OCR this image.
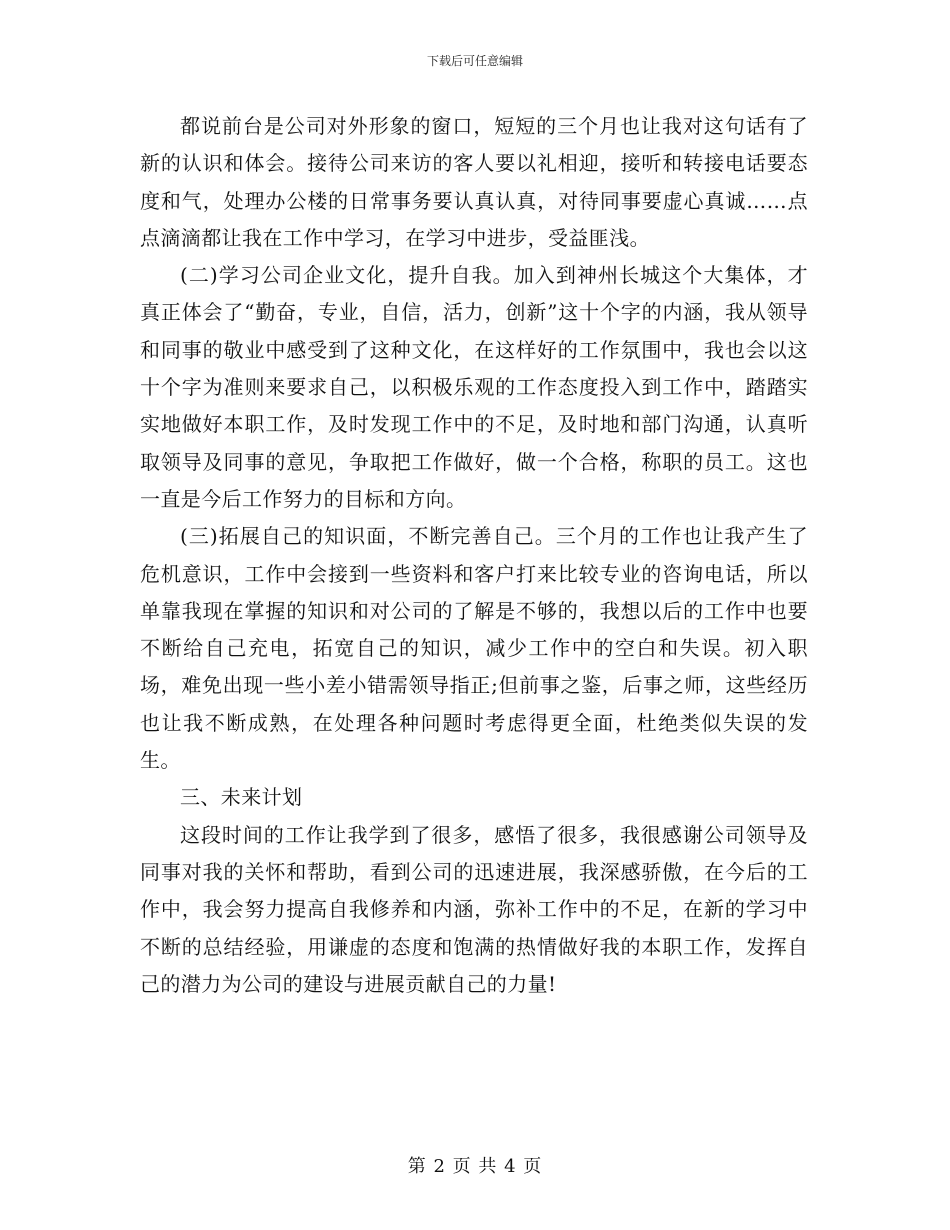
下载后可任意编辑

都说前台是公司对外形象的窗口，短短的三个月也让我对这句话有了新的认识和体会。接待公司来访的客人要以礼相迎，接听和转接电话要态度和气，处理办公楼的日常事务要认真认真，对待同事要虚心真诚……点点滴滴都让我在工作中学习，在学习中进步，受益匪浅。

(二)学习公司企业文化，提升自我。加入到神州长城这个大集体，才真正体会了“勤奋，专业，自信，活力，创新”这十个字的内涵，我从领导和同事的敬业中感受到了这种文化，在这样好的工作氛围中，我也会以这十个字为准则来要求自己，以积极乐观的工作态度投入到工作中，踏踏实实地做好本职工作，及时发现工作中的不足，及时地和部门沟通，认真听取领导及同事的意见，争取把工作做好，做一个合格，称职的员工。这也一直是今后工作努力的目标和方向。

(三)拓展自己的知识面，不断完善自己。三个月的工作也让我产生了危机意识，工作中会接到一些资料和客户打来比较专业的咨询电话，所以单靠我现在掌握的知识和对公司的了解是不够的，我想以后的工作中也要不断给自己充电，拓宽自己的知识，减少工作中的空白和失误。初入职场，难免出现一些小差小错需领导指正;但前事之鉴，后事之师，这些经历也让我不断成熟，在处理各种问题时考虑得更全面，杜绝类似失误的发生。

三、未来计划

这段时间的工作让我学到了很多，感悟了很多，我很感谢公司领导及同事对我的关怀和帮助，看到公司的迅速进展，我深感骄傲，在今后的工作中，我会努力提高自我修养和内涵，弥补工作中的不足，在新的学习中不断的总结经验，用谦虚的态度和饱满的热情做好我的本职工作，发挥自己的潜力为公司的建设与进展贡献自己的力量!

第 2 页 共 4 页
